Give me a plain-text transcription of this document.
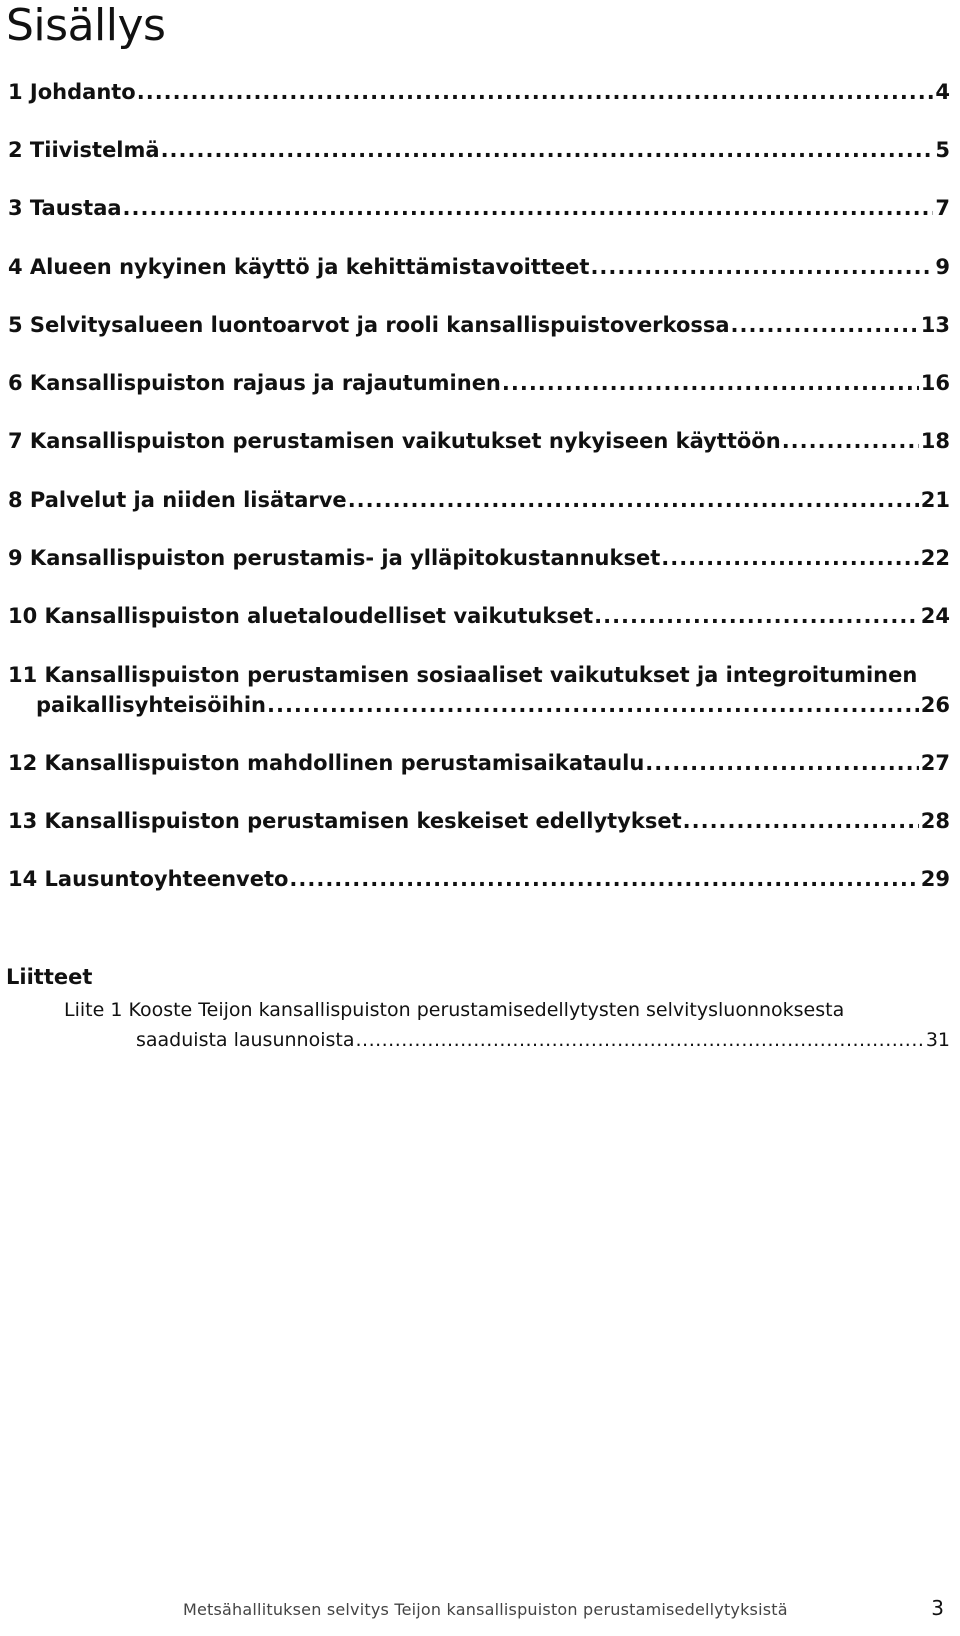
Sisällys
1 Johdanto .....	4
2 Tiivistelmä .....	5
3 Taustaa .....	7
4 Alueen nykyinen käyttö ja kehittämistavoitteet .....	9
5 Selvitysalueen luontoarvot ja rooli kansallispuistoverkossa .....	13
6 Kansallispuiston rajaus ja rajautuminen .....	16
7 Kansallispuiston perustamisen vaikutukset nykyiseen käyttöön .....	18
8 Palvelut ja niiden lisätarve .....	21
9 Kansallispuiston perustamis- ja ylläpitokustannukset .....	22
10 Kansallispuiston aluetaloudelliset vaikutukset .....	24
11 Kansallispuiston perustamisen sosiaaliset vaikutukset ja integroituminen
paikallisyhteisöihin .....	26
12 Kansallispuiston mahdollinen perustamisaikataulu .....	27
13 Kansallispuiston perustamisen keskeiset edellytykset .....	28
14 Lausuntoyhteenveto .....	29
Liitteet
Liite 1 Kooste Teijon kansallispuiston perustamisedellytysten selvitysluonnoksesta
saaduista lausunnoista .....	31
Metsähallituksen selvitys Teijon kansallispuiston perustamisedellytyksistä	3
